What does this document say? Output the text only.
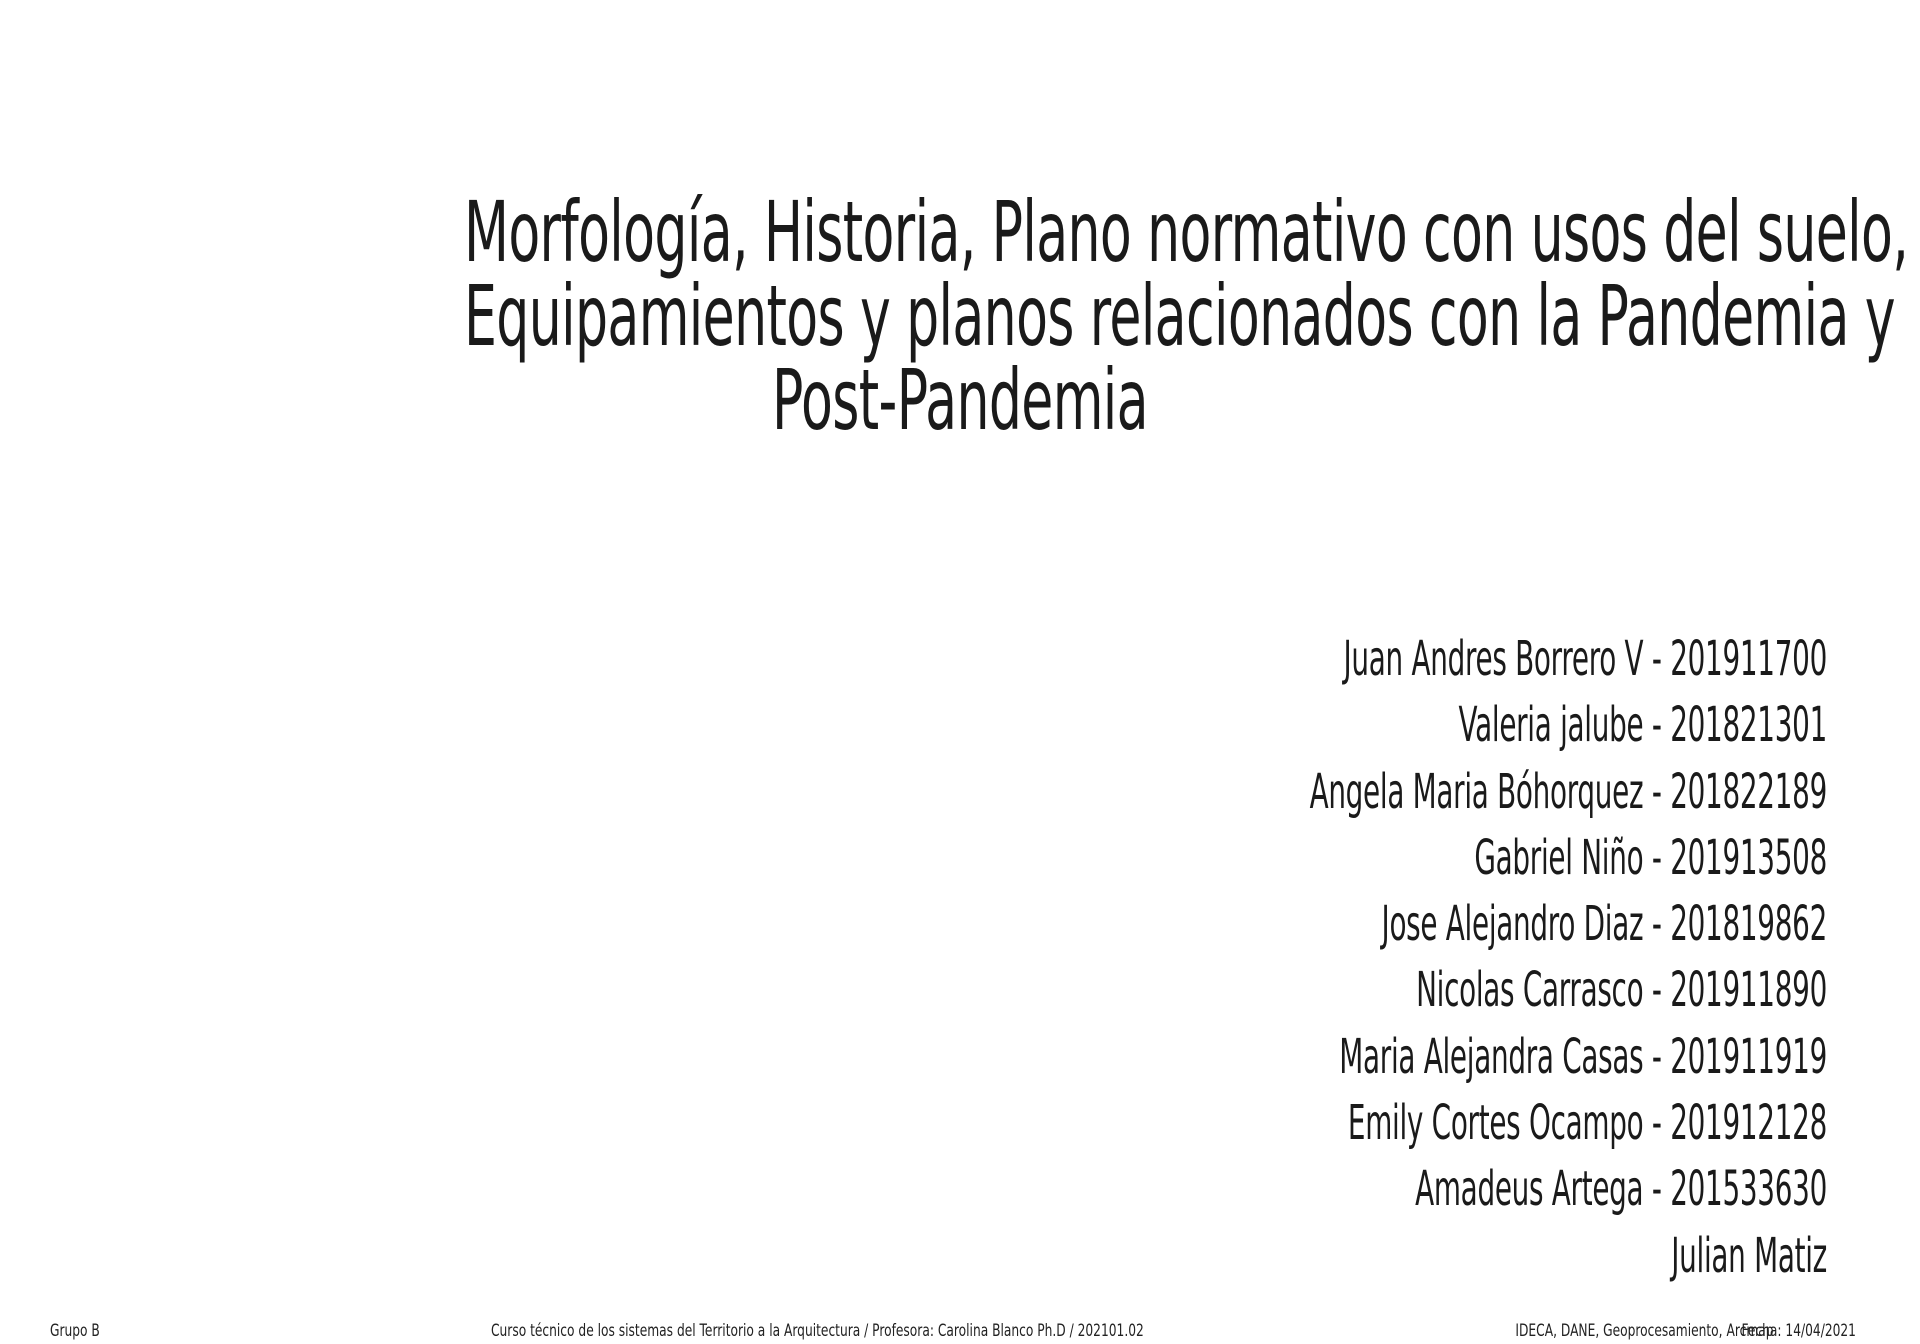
Morfología, Historia, Plano normativo con usos del suelo,
Equipamientos y planos relacionados con la Pandemia y
Post-Pandemia
Juan Andres Borrero V - 201911700
Valeria jalube - 201821301
Angela Maria Bóhorquez - 201822189
Gabriel Niño - 201913508
Jose Alejandro Diaz - 201819862
Nicolas Carrasco - 201911890
Maria Alejandra Casas - 201911919
Emily Cortes Ocampo - 201912128
Amadeus Artega - 201533630
Julian Matiz
Grupo B	Curso técnico de los sistemas del Territorio a la Arquitectura / Profesora: Carolina Blanco Ph.D / 202101.02	IDECA, DANE, Geoprocesamiento, Arcmap
Fecha: 14/04/2021
